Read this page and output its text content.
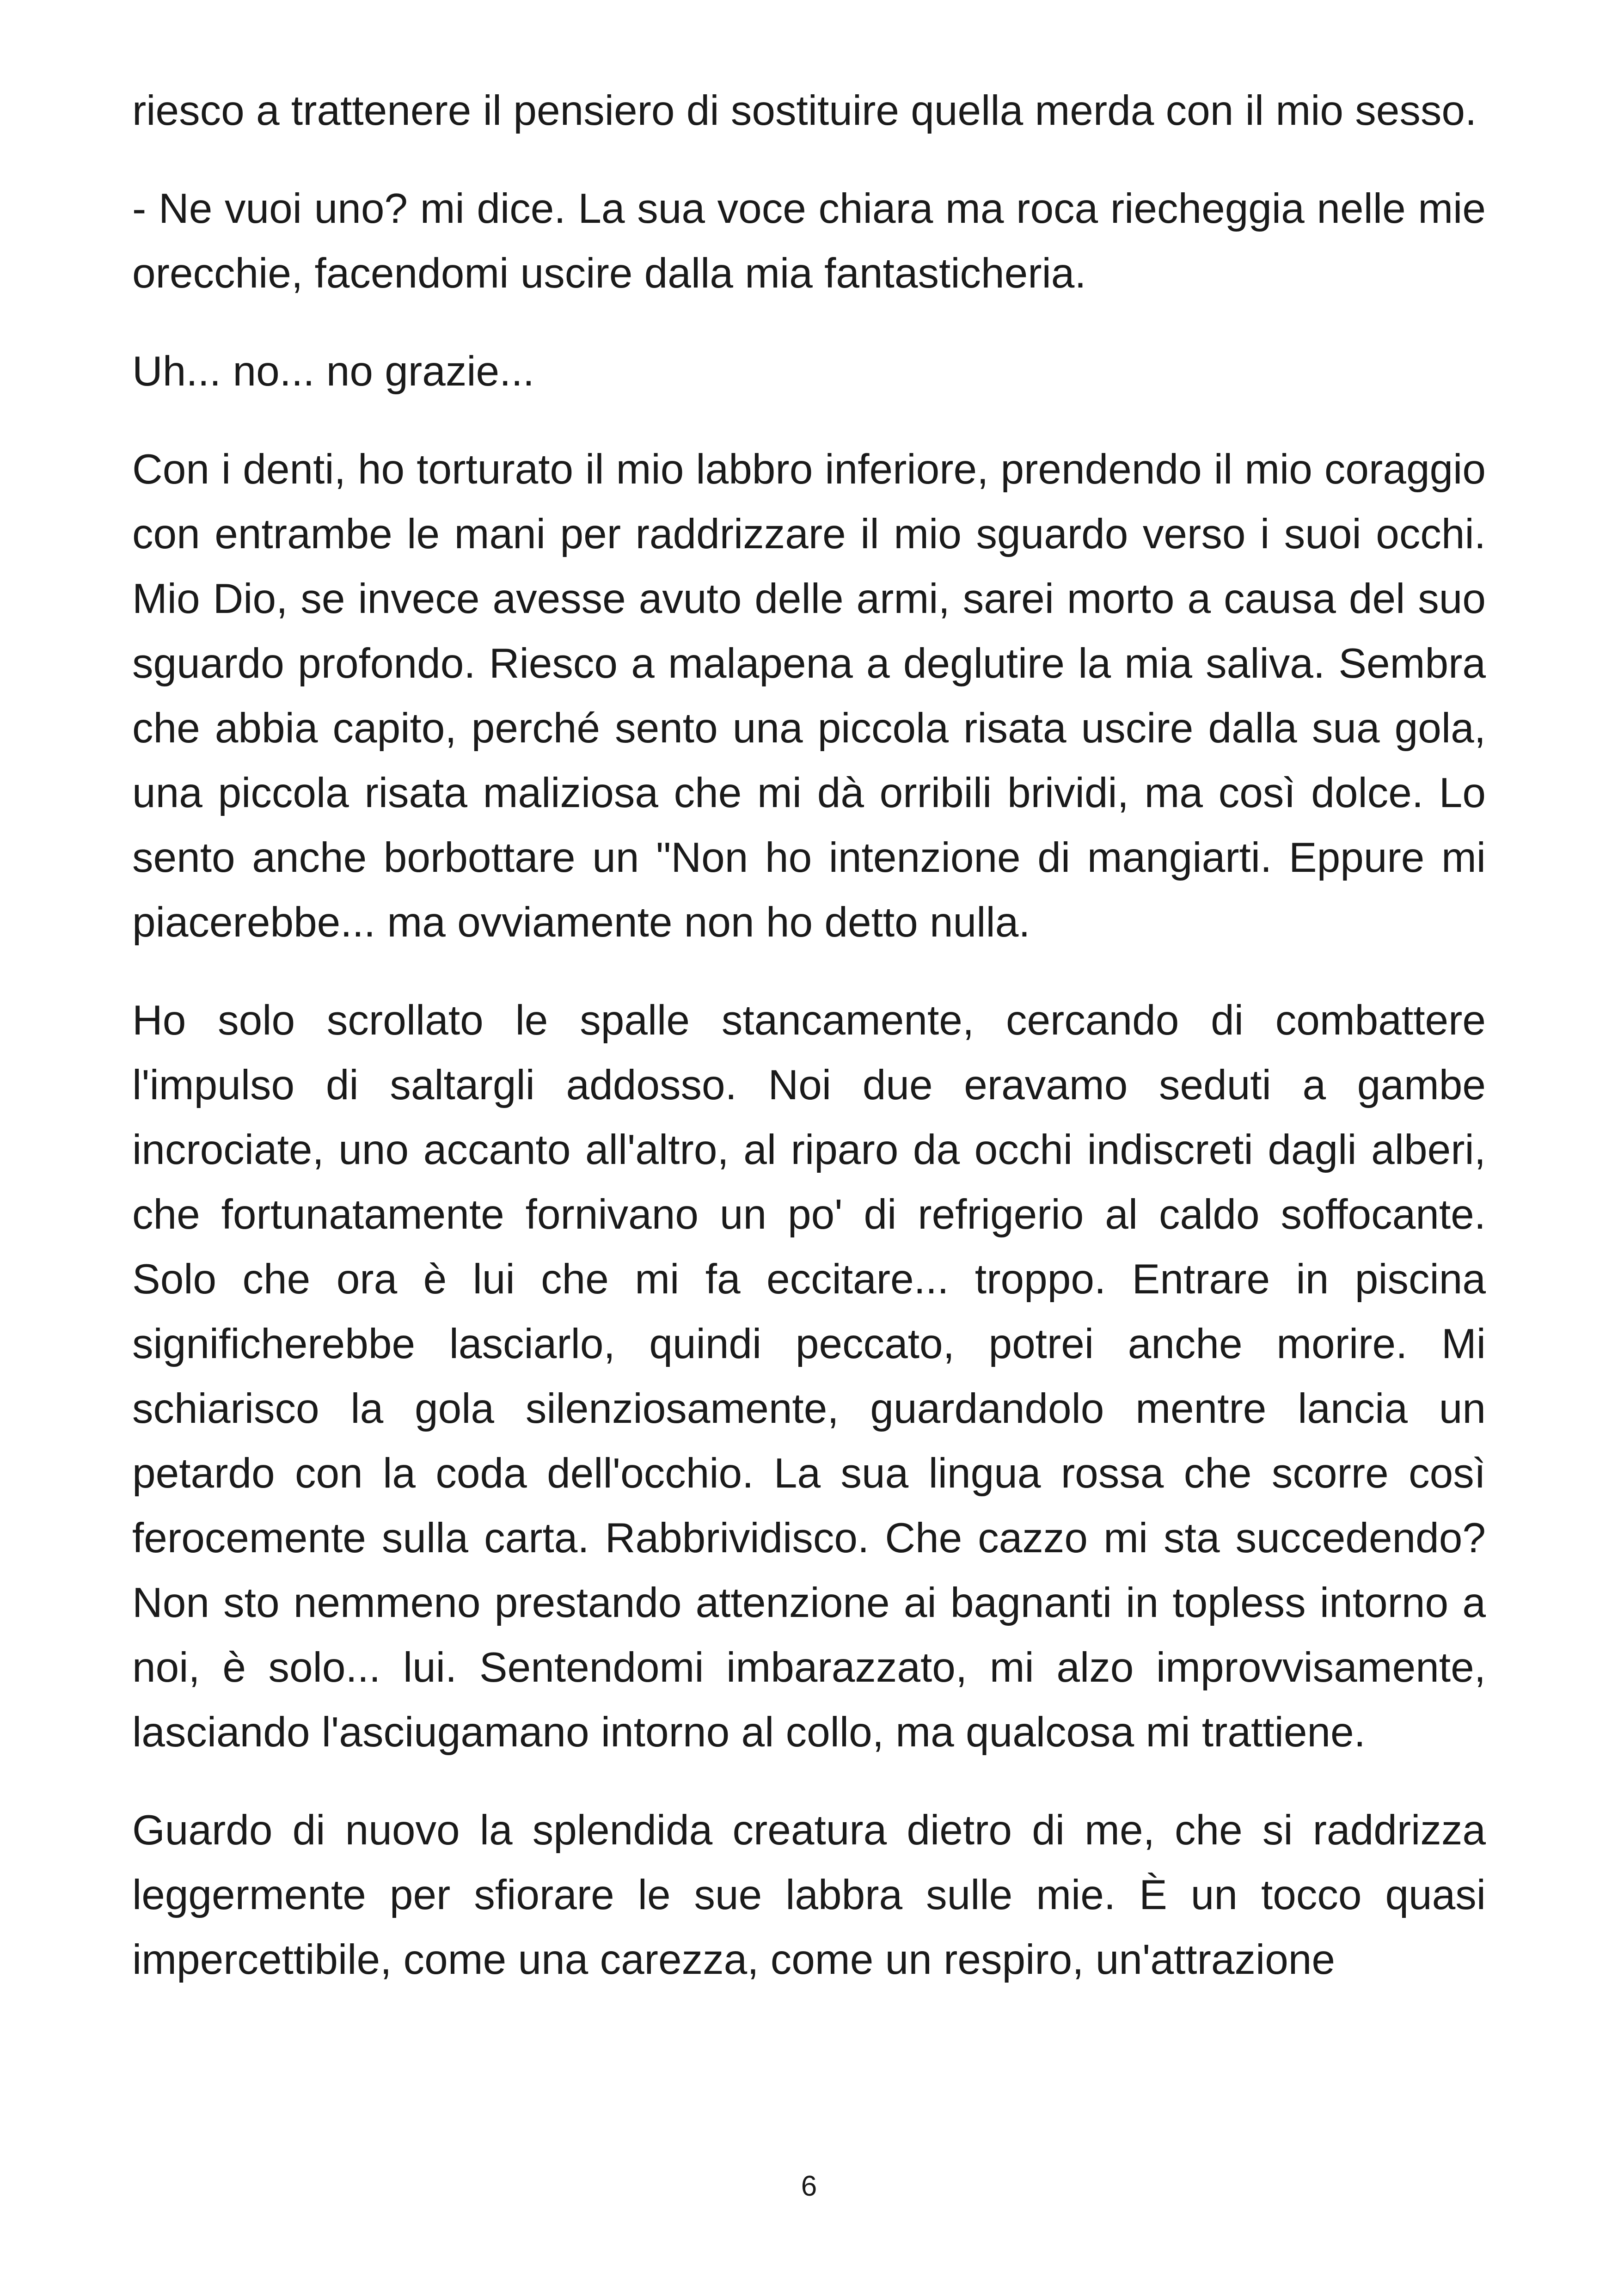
riesco a trattenere il pensiero di sostituire quella merda con il mio sesso.

- Ne vuoi uno? mi dice. La sua voce chiara ma roca riecheggia nelle mie orecchie, facendomi uscire dalla mia fantasticheria.

Uh... no... no grazie...

Con i denti, ho torturato il mio labbro inferiore, prendendo il mio coraggio con entrambe le mani per raddrizzare il mio sguardo verso i suoi occhi. Mio Dio, se invece avesse avuto delle armi, sarei morto a causa del suo sguardo profondo. Riesco a malapena a deglutire la mia saliva. Sembra che abbia capito, perché sento una piccola risata uscire dalla sua gola, una piccola risata maliziosa che mi dà orribili brividi, ma così dolce. Lo sento anche borbottare un "Non ho intenzione di mangiarti. Eppure mi piacerebbe... ma ovviamente non ho detto nulla.

Ho solo scrollato le spalle stancamente, cercando di combattere l'impulso di saltargli addosso. Noi due eravamo seduti a gambe incrociate, uno accanto all'altro, al riparo da occhi indiscreti dagli alberi, che fortunatamente fornivano un po' di refrigerio al caldo soffocante. Solo che ora è lui che mi fa eccitare... troppo. Entrare in piscina significherebbe lasciarlo, quindi peccato, potrei anche morire. Mi schiarisco la gola silenziosamente, guardandolo mentre lancia un petardo con la coda dell'occhio. La sua lingua rossa che scorre così ferocemente sulla carta. Rabbrividisco. Che cazzo mi sta succedendo? Non sto nemmeno prestando attenzione ai bagnanti in topless intorno a noi, è solo... lui. Sentendomi imbarazzato, mi alzo improvvisamente, lasciando l'asciugamano intorno al collo, ma qualcosa mi trattiene.

Guardo di nuovo la splendida creatura dietro di me, che si raddrizza leggermente per sfiorare le sue labbra sulle mie. È un tocco quasi impercettibile, come una carezza, come un respiro, un'attrazione

6
